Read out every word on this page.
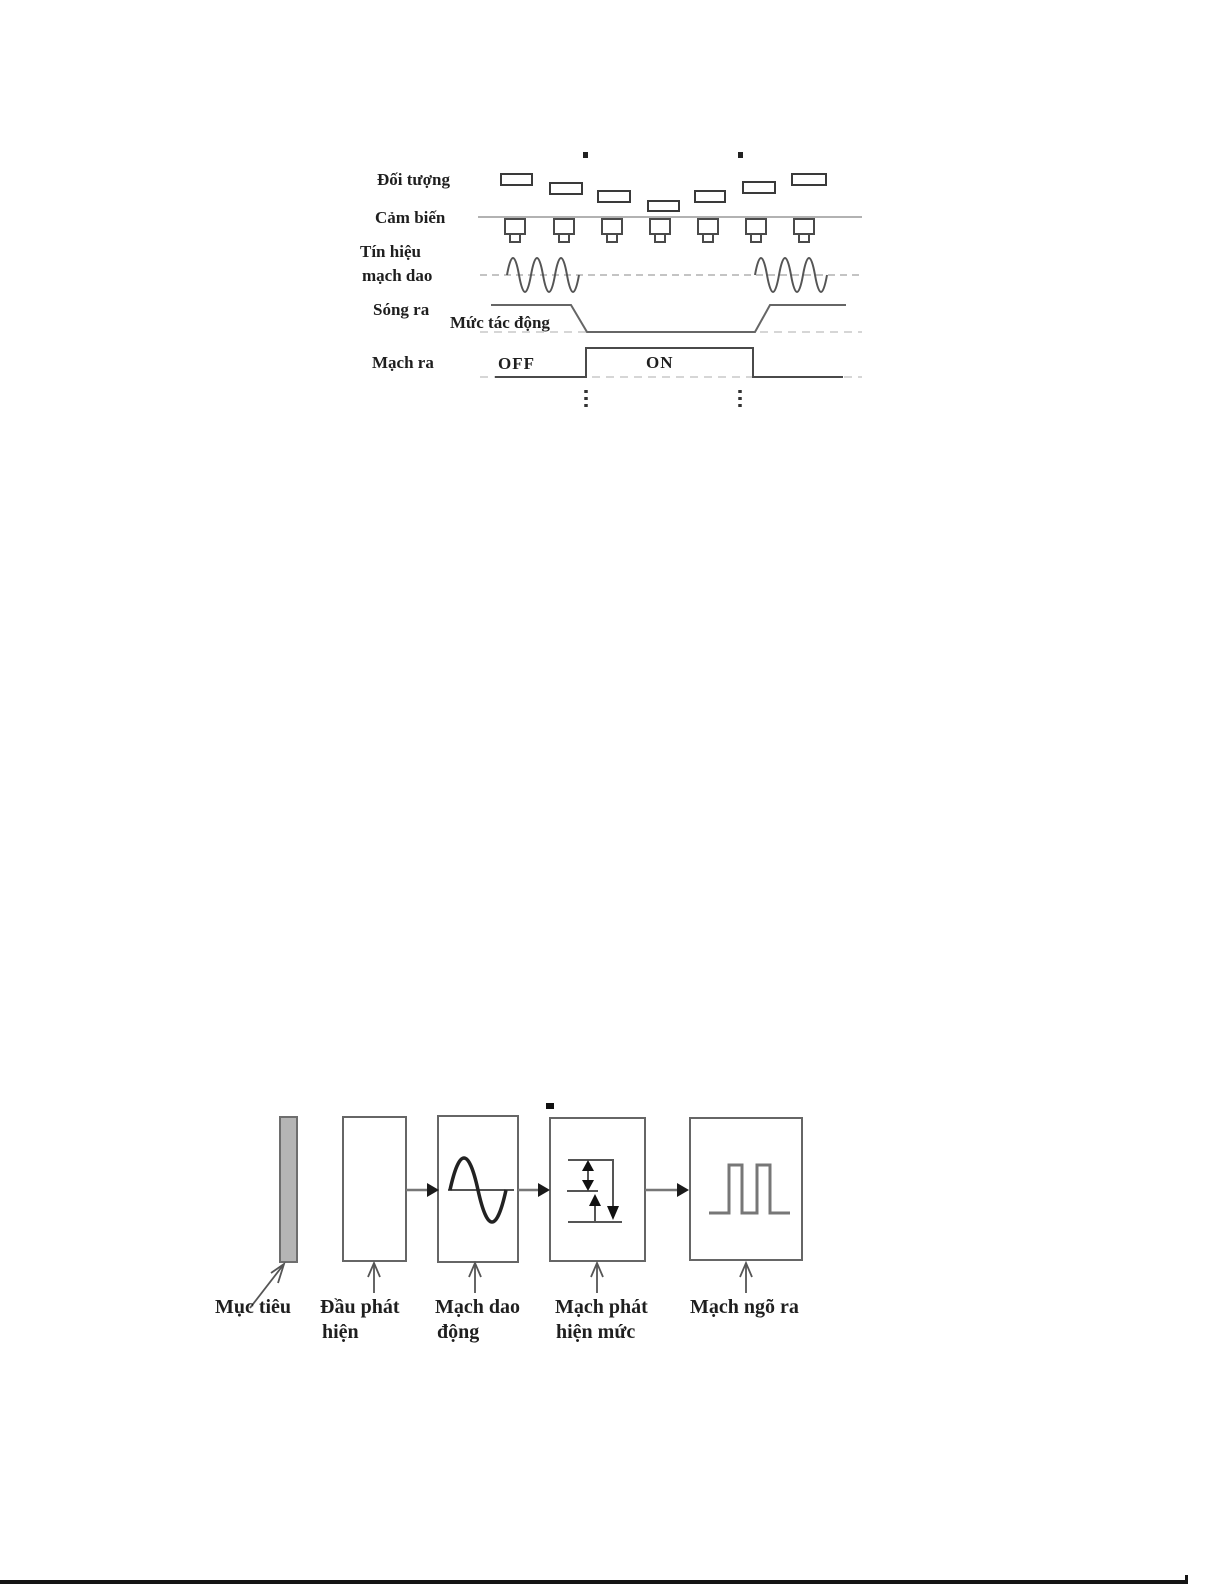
Đối tượng
Cảm biến
Tín hiệu
mạch dao
Sóng ra
Mức tác động
Mạch ra	OFF	ON
Mục tiêu Đầu phát
hiện
Mạch dao
động
Mạch phát
hiện mức
Mạch ngõ ra
